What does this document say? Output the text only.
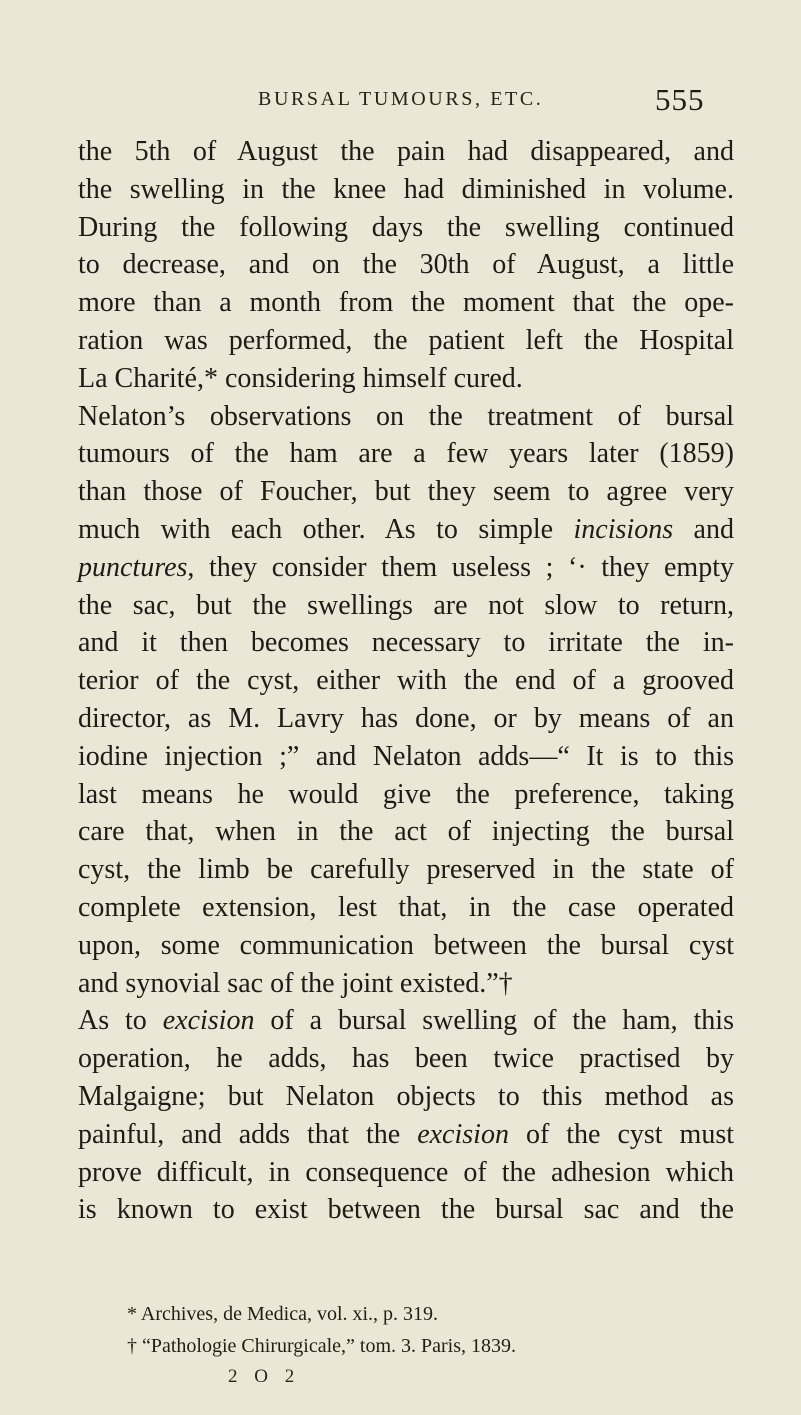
BURSAL TUMOURS, ETC.	555
the 5th of August the pain had disappeared, and
the swelling in the knee had diminished in volume.
During the following days the swelling continued
to decrease, and on the 30th of August, a little
more than a month from the moment that the ope-
ration was performed, the patient left the Hospital
La Charité,* considering himself cured.
Nelaton’s observations on the treatment of bursal
tumours of the ham are a few years later (1859)
than those of Foucher, but they seem to agree very
much with each other. As to simple incisions and
punctures, they consider them useless ; ‘· they empty
the sac, but the swellings are not slow to return,
and it then becomes necessary to irritate the in-
terior of the cyst, either with the end of a grooved
director, as M. Lavry has done, or by means of an
iodine injection ;” and Nelaton adds—“ It is to this
last means he would give the preference, taking
care that, when in the act of injecting the bursal
cyst, the limb be carefully preserved in the state of
complete extension, lest that, in the case operated
upon, some communication between the bursal cyst
and synovial sac of the joint existed.”†
As to excision of a bursal swelling of the ham, this
operation, he adds, has been twice practised by
Malgaigne; but Nelaton objects to this method as
painful, and adds that the excision of the cyst must
prove difficult, in consequence of the adhesion which
is known to exist between the bursal sac and the
* Archives, de Medica, vol. xi., p. 319.
† “Pathologie Chirurgicale,” tom. 3. Paris, 1839.
2 O 2
